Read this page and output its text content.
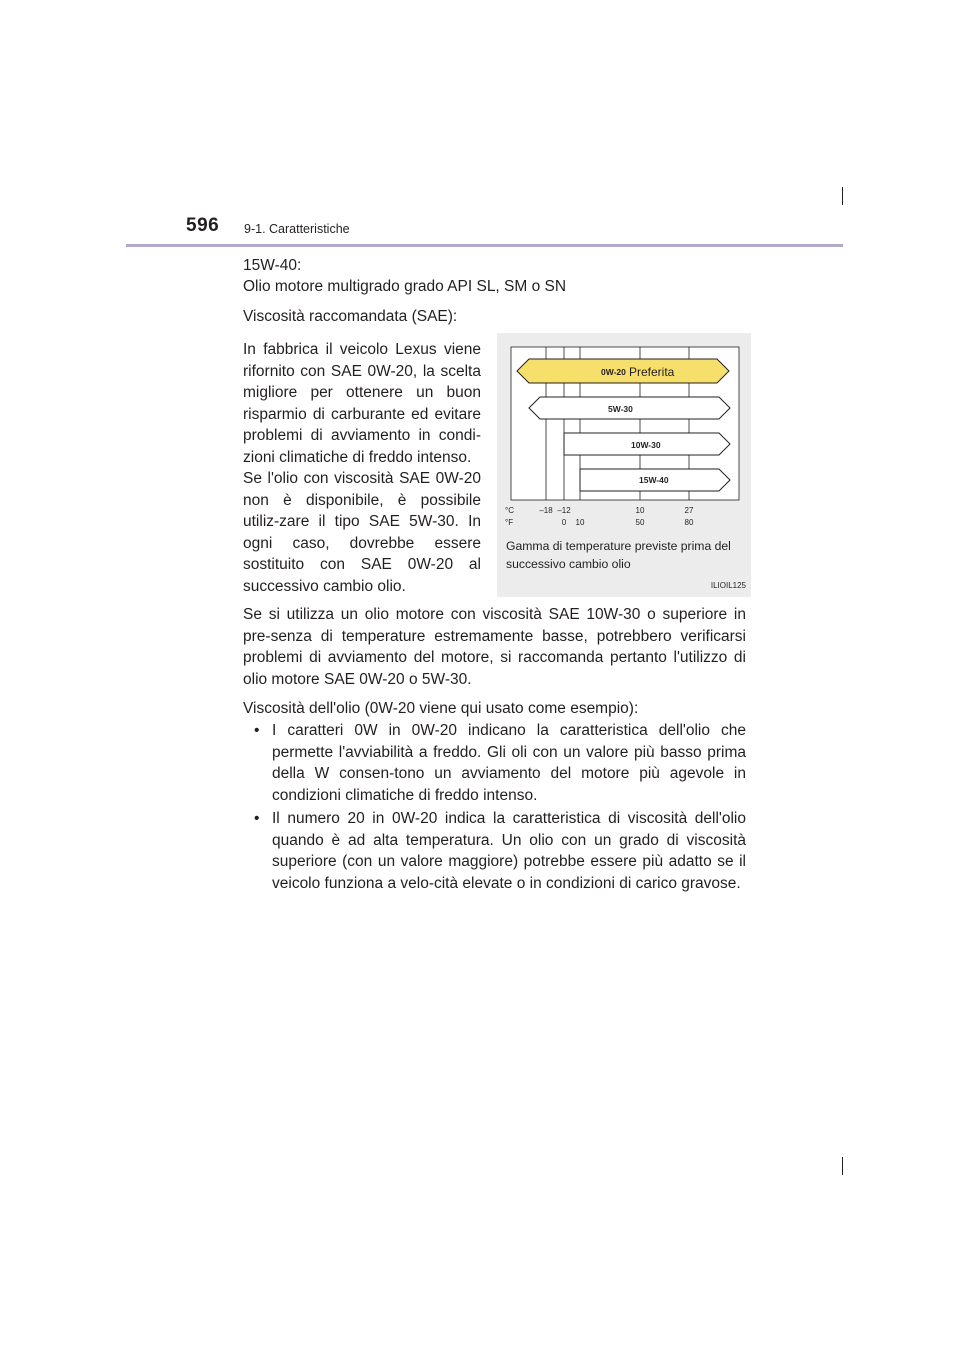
596 9-1. Caratteristiche
15W-40:
Olio motore multigrado grado API SL, SM o SN
Viscosità raccomandata (SAE):
In fabbrica il veicolo Lexus viene rifornito con SAE 0W-20, la scelta migliore per ottenere un buon risparmio di carburante ed evitare problemi di avviamento in condi-zioni climatiche di freddo intenso.
Se l'olio con viscosità SAE 0W-20 non è disponibile, è possibile utiliz-zare il tipo SAE 5W-30. In ogni caso, dovrebbe essere sostituito con SAE 0W-20 al successivo cambio olio.
0W-20 Preferita
5W-30
10W-30
15W-40
°C
°F
–18 –12	10	27
0 10	50	80
Gamma di temperature previste prima del successivo cambio olio
ILIOIL125
Se si utilizza un olio motore con viscosità SAE 10W-30 o superiore in pre-senza di temperature estremamente basse, potrebbero verificarsi problemi di avviamento del motore, si raccomanda pertanto l'utilizzo di olio motore SAE 0W-20 o 5W-30.
Viscosità dell'olio (0W-20 viene qui usato come esempio):
• I caratteri 0W in 0W-20 indicano la caratteristica dell'olio che permette l'avviabilità a freddo. Gli oli con un valore più basso prima della W consen-tono un avviamento del motore più agevole in condizioni climatiche di freddo intenso.
• Il numero 20 in 0W-20 indica la caratteristica di viscosità dell'olio quando è ad alta temperatura. Un olio con un grado di viscosità superiore (con un valore maggiore) potrebbe essere più adatto se il veicolo funziona a velo-cità elevate o in condizioni di carico gravose.
